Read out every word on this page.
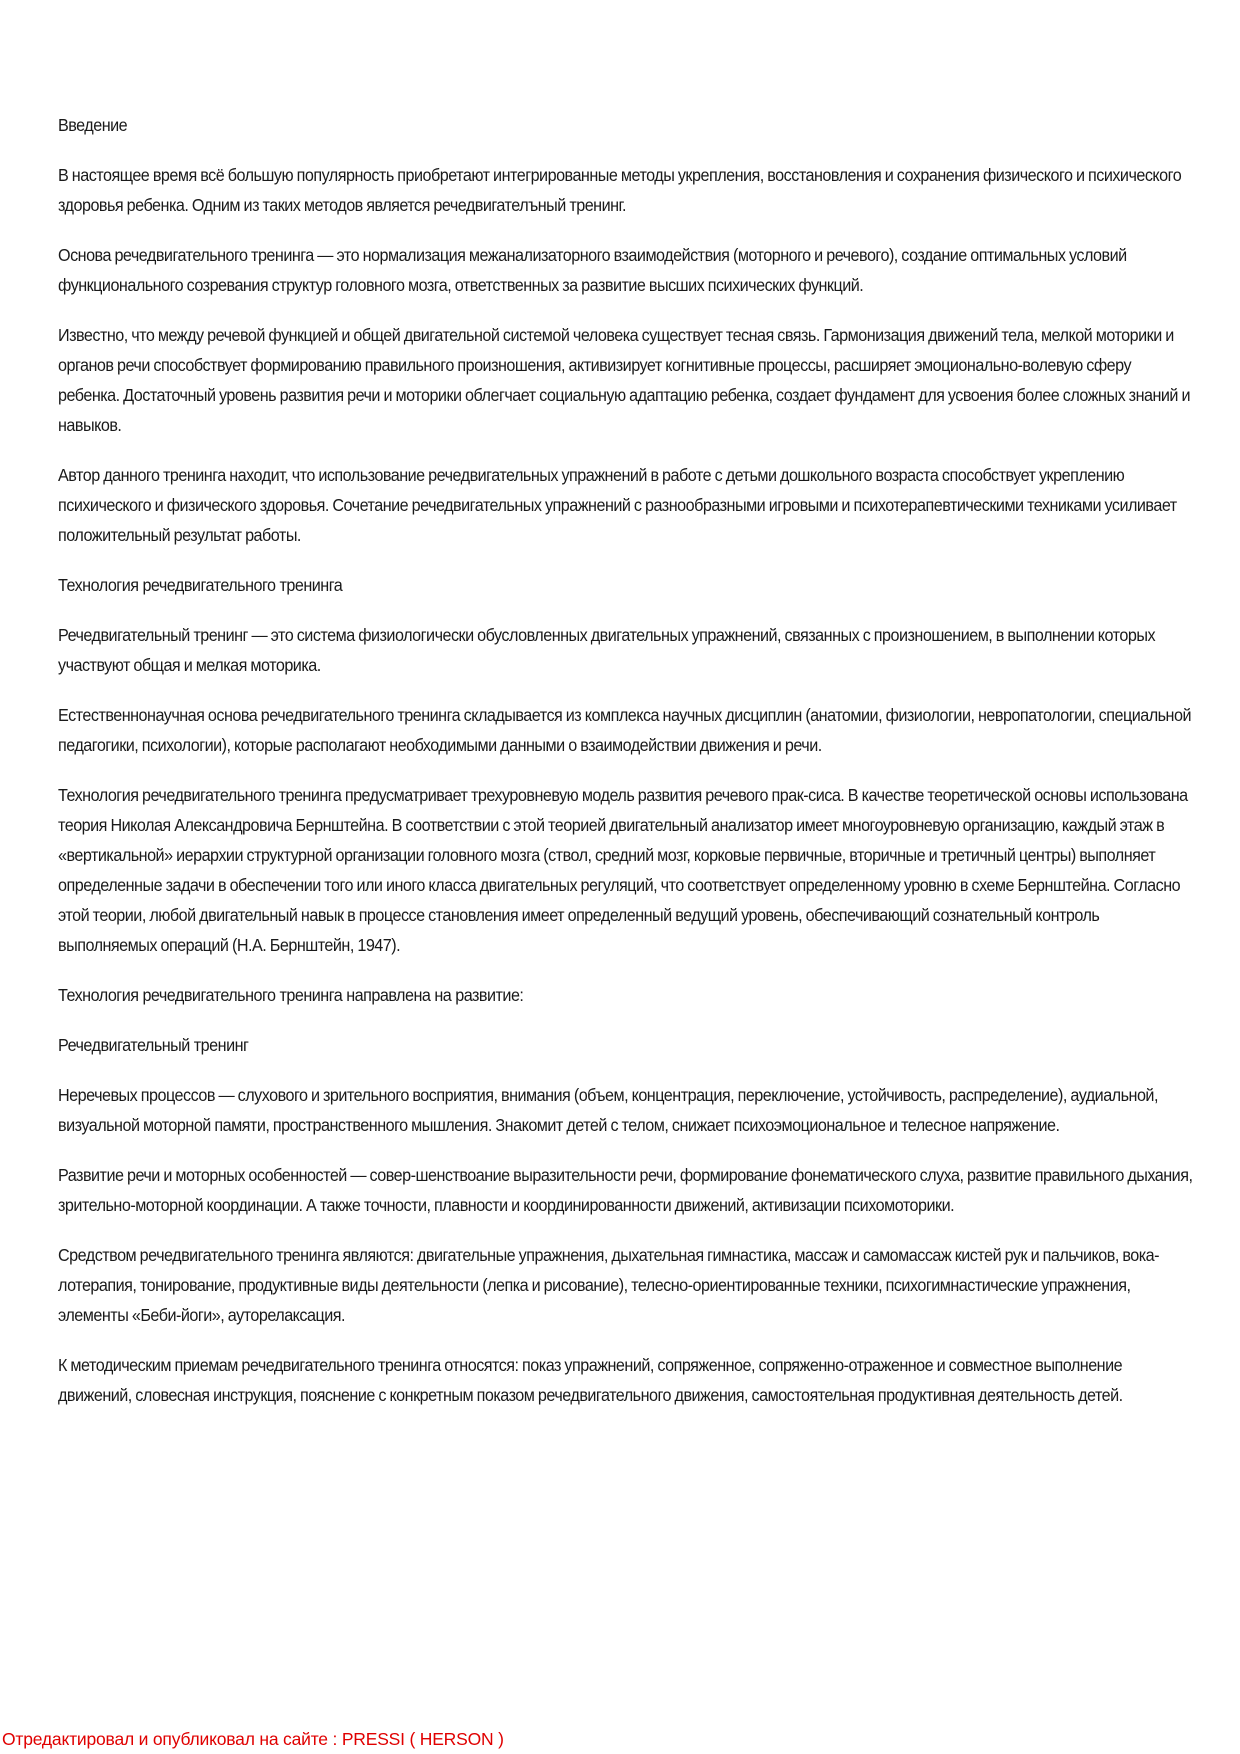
Введение

В настоящее время всё большую популярность приобретают интегрированные методы укрепления, восстановления и сохранения физического и психического здоровья ребенка. Одним из таких методов является речедвигателъный тренинг.

Основа речедвигательного тренинга — это нормализация межанализаторного взаимодействия (моторного и речевого), создание оптимальных условий функционального созревания структур головного мозга, ответственных за развитие высших психических функций.

Известно, что между речевой функцией и общей двигательной системой человека существует тесная связь. Гармонизация движений тела, мелкой моторики и органов речи способствует формированию правильного произношения, активизирует когнитивные процессы, расширяет эмоционально-волевую сферу ребенка. Достаточный уровень развития речи и моторики облегчает социальную адаптацию ребенка, создает фундамент для усвоения более сложных знаний и навыков.

Автор данного тренинга находит, что использование речедвигательных упражнений в работе с детьми дошкольного возраста способствует укреплению психического и физического здоровья. Сочетание речедвигательных упражнений с разнообразными игровыми и психотерапевтическими техниками усиливает положительный результат работы.

Технология речедвигательного тренинга

Речедвигательный тренинг — это система физиологически обусловленных двигательных упражнений, связанных с произношением, в выполнении которых участвуют общая и мелкая моторика.

Естественнонаучная основа речедвигательного тренинга складывается из комплекса научных дисциплин (анатомии, физиологии, невропатологии, специальной педагогики, психологии), которые располагают необходимыми данными о взаимодействии движения и речи.

Технология речедвигательного тренинга предусматривает трехуровневую модель развития речевого прак-сиса. В качестве теоретической основы использована теория Николая Александровича Бернштейна. В соответствии с этой теорией двигательный анализатор имеет многоуровневую организацию, каждый этаж в «вертикальной» иерархии структурной организации головного мозга (ствол, средний мозг, корковые первичные, вторичные и третичный центры) выполняет определенные задачи в обеспечении того или иного класса двигательных регуляций, что соответствует определенному уровню в схеме Бернштейна. Согласно этой теории, любой двигательный навык в процессе становления имеет определенный ведущий уровень, обеспечивающий сознательный контроль выполняемых операций (Н.А. Бернштейн, 1947).

Технология речедвигательного тренинга направлена на развитие:

Речедвигательный тренинг

Неречевых процессов — слухового и зрительного восприятия, внимания (объем, концентрация, переключение, устойчивость, распределение), аудиальной, визуальной моторной памяти, пространственного мышления. Знакомит детей с телом, снижает психоэмоциональное и телесное напряжение.

Развитие речи и моторных особенностей — совер-шенствоание выразительности речи, формирование фонематического слуха, развитие правильного дыхания, зрительно-моторной координации. А также точности, плавности и координированности движений, активизации психомоторики.

Средством речедвигательного тренинга являются: двигательные упражнения, дыхательная гимнастика, массаж и самомассаж кистей рук и пальчиков, вока-лотерапия, тонирование, продуктивные виды деятельности (лепка и рисование), телесно-ориентированные техники, психогимнастические упражнения, элементы «Беби-йоги», ауторелаксация.

К методическим приемам речедвигательного тренинга относятся: показ упражнений, сопряженное, сопряженно-отраженное и совместное выполнение движений, словесная инструкция, пояснение с конкретным показом речедвигательного движения, самостоятельная продуктивная деятельность детей.

Отредактировал и опубликовал на сайте : PRESSI ( HERSON )
